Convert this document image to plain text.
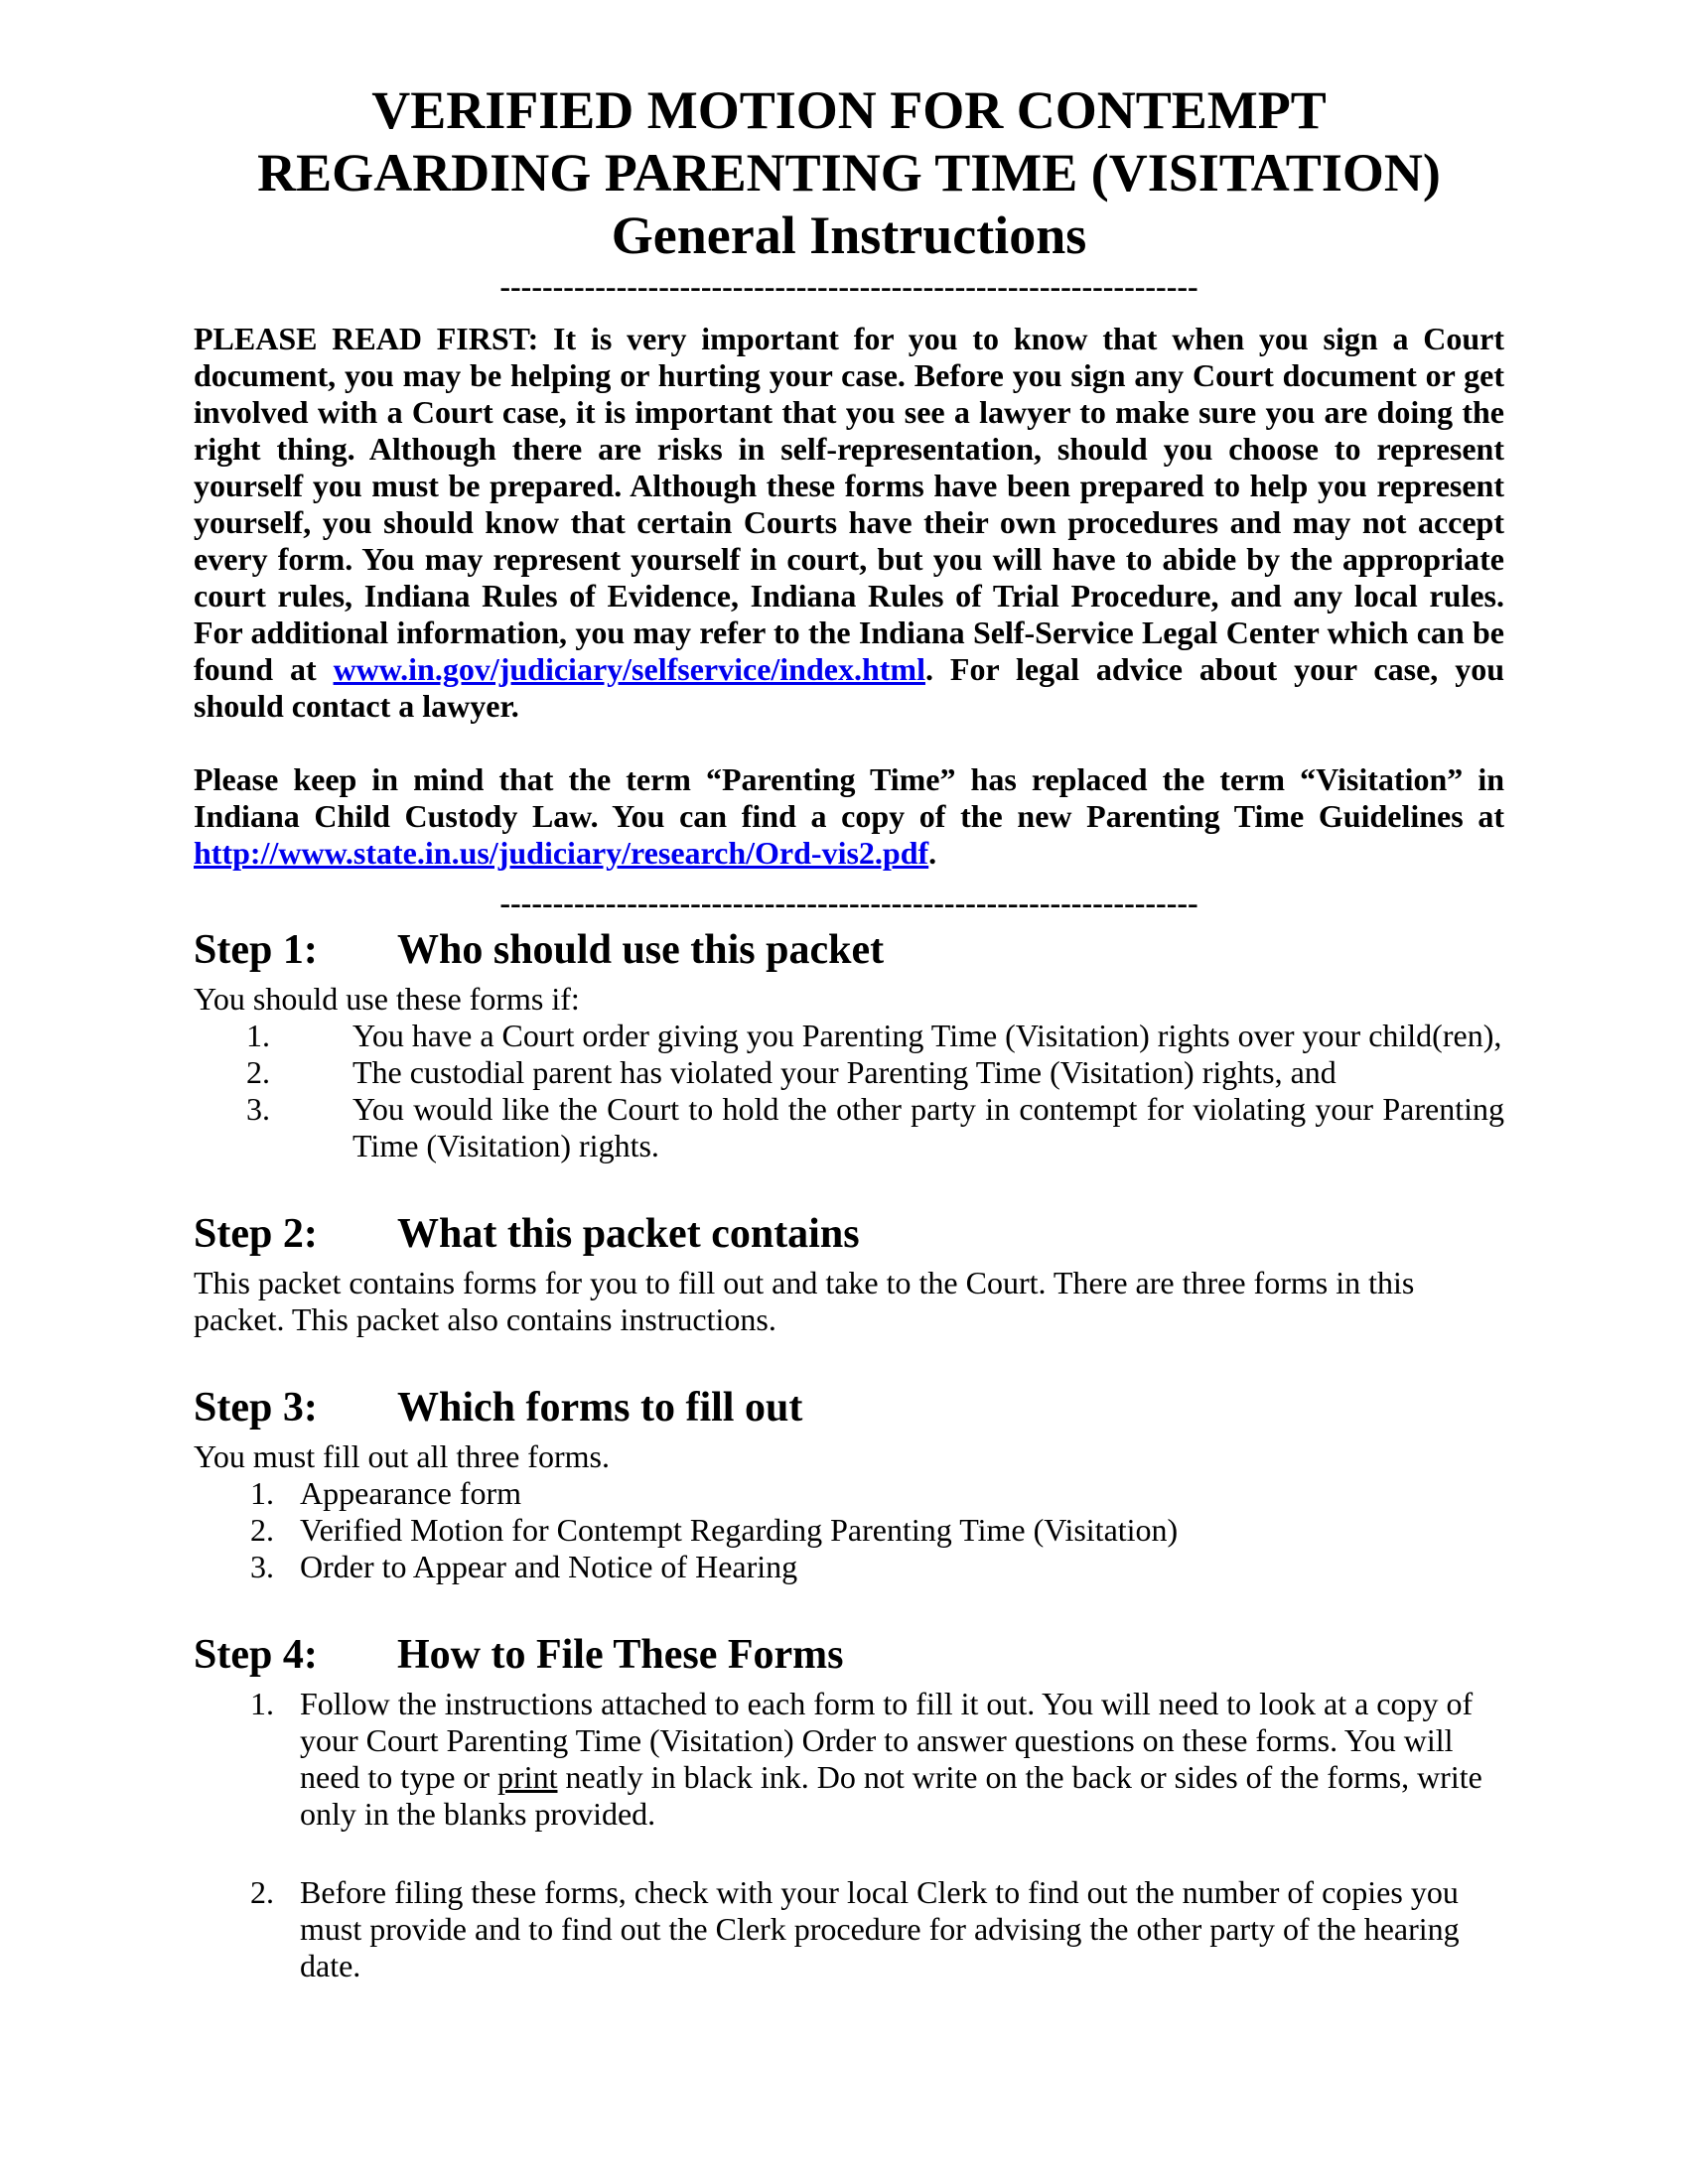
VERIFIED MOTION FOR CONTEMPT
REGARDING PARENTING TIME (VISITATION)
General Instructions
------------------------------------------------------------------

PLEASE READ FIRST: It is very important for you to know that when you sign a Court document, you may be helping or hurting your case. Before you sign any Court document or get involved with a Court case, it is important that you see a lawyer to make sure you are doing the right thing. Although there are risks in self-representation, should you choose to represent yourself you must be prepared. Although these forms have been prepared to help you represent yourself, you should know that certain Courts have their own procedures and may not accept every form. You may represent yourself in court, but you will have to abide by the appropriate court rules, Indiana Rules of Evidence, Indiana Rules of Trial Procedure, and any local rules. For additional information, you may refer to the Indiana Self-Service Legal Center which can be found at www.in.gov/judiciary/selfservice/index.html. For legal advice about your case, you should contact a lawyer.

Please keep in mind that the term “Parenting Time” has replaced the term “Visitation” in Indiana Child Custody Law. You can find a copy of the new Parenting Time Guidelines at http://www.state.in.us/judiciary/research/Ord-vis2.pdf.

------------------------------------------------------------------
Step 1: Who should use this packet

You should use these forms if:

1.	You have a Court order giving you Parenting Time (Visitation) rights over your child(ren),
2.	The custodial parent has violated your Parenting Time (Visitation) rights, and
3.	You would like the Court to hold the other party in contempt for violating your Parenting Time (Visitation) rights.
Step 2: What this packet contains

This packet contains forms for you to fill out and take to the Court. There are three forms in this packet. This packet also contains instructions.

Step 3: Which forms to fill out

You must fill out all three forms.

1. Appearance form
2. Verified Motion for Contempt Regarding Parenting Time (Visitation)
3. Order to Appear and Notice of Hearing
Step 4: How to File These Forms
1. Follow the instructions attached to each form to fill it out. You will need to look at a copy of your Court Parenting Time (Visitation) Order to answer questions on these forms. You will need to type or print neatly in black ink. Do not write on the back or sides of the forms, write only in the blanks provided.
2. Before filing these forms, check with your local Clerk to find out the number of copies you must provide and to find out the Clerk procedure for advising the other party of the hearing date.
